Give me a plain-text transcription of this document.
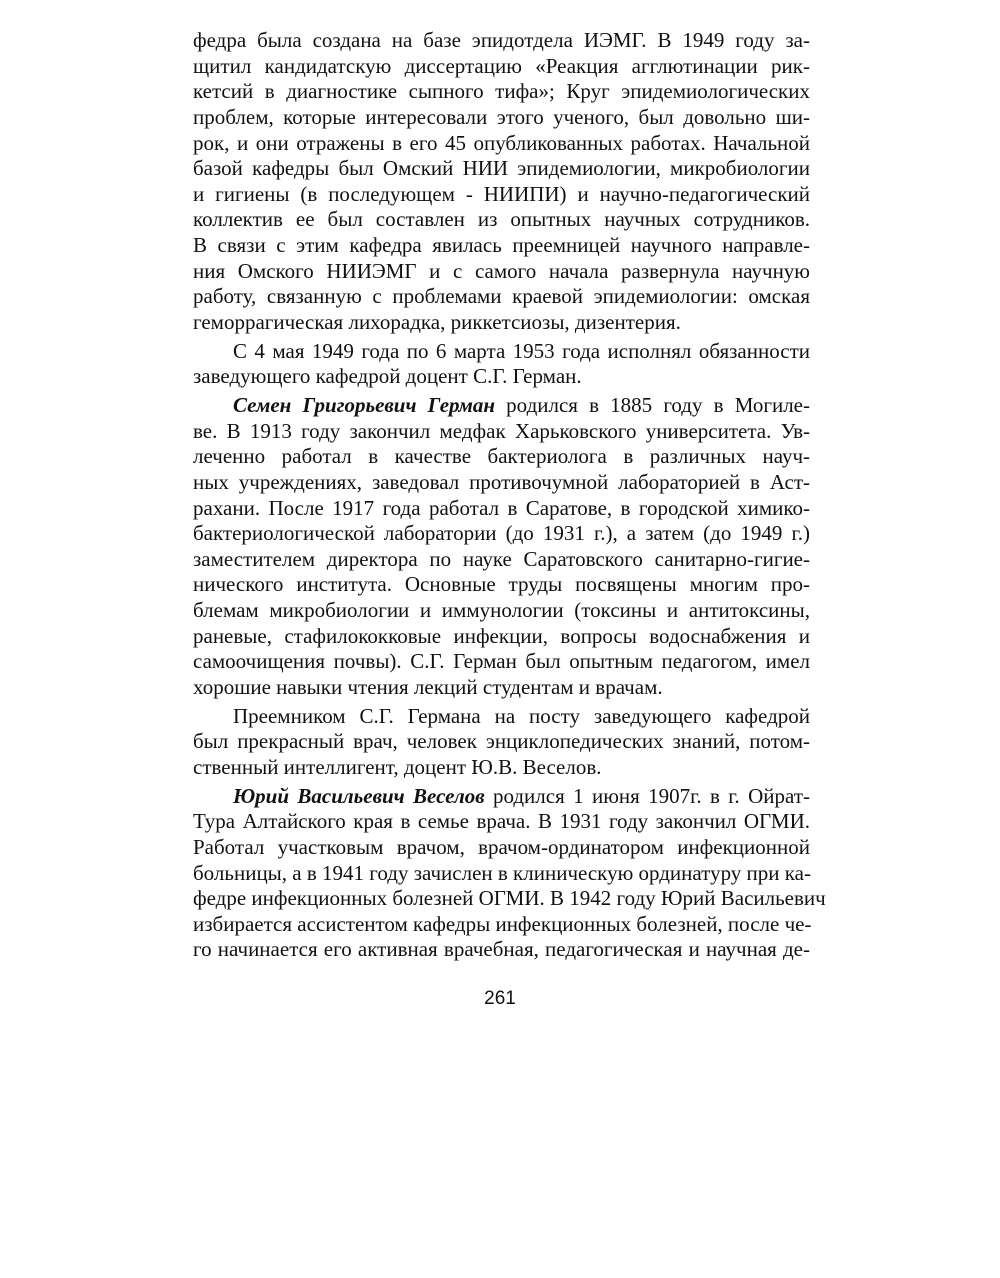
федра была создана на базе эпидотдела ИЭМГ. В 1949 году за-
щитил кандидатскую диссертацию «Реакция агглютинации рик-
кетсий в диагностике сыпного тифа»; Круг эпидемиологических
проблем, которые интересовали этого ученого, был довольно ши-
рок, и они отражены в его 45 опубликованных работах. Начальной
базой кафедры был Омский НИИ эпидемиологии, микробиологии
и гигиены (в последующем - НИИПИ) и научно-педагогический
коллектив ее был составлен из опытных научных сотрудников.
В связи с этим кафедра явилась преемницей научного направле-
ния Омского НИИЭМГ и с самого начала развернула научную
работу, связанную с проблемами краевой эпидемиологии: омская
геморрагическая лихорадка, риккетсиозы, дизентерия.
С 4 мая 1949 года по 6 марта 1953 года исполнял обязанности
заведующего кафедрой доцент С.Г. Герман.
Семен Григорьевич Герман родился в 1885 году в Могиле-
ве. В 1913 году закончил медфак Харьковского университета. Ув-
леченно работал в качестве бактериолога в различных науч-
ных учреждениях, заведовал противочумной лабораторией в Аст-
рахани. После 1917 года работал в Саратове, в городской химико-
бактериологической лаборатории (до 1931 г.), а затем (до 1949 г.)
заместителем директора по науке Саратовского санитарно-гигие-
нического института. Основные труды посвящены многим про-
блемам микробиологии и иммунологии (токсины и антитоксины,
раневые, стафилококковые инфекции, вопросы водоснабжения и
самоочищения почвы). С.Г. Герман был опытным педагогом, имел
хорошие навыки чтения лекций студентам и врачам.
Преемником С.Г. Германа на посту заведующего кафедрой
был прекрасный врач, человек энциклопедических знаний, потом-
ственный интеллигент, доцент Ю.В. Веселов.
Юрий Васильевич Веселов родился 1 июня 1907г. в г. Ойрат-
Тура Алтайского края в семье врача. В 1931 году закончил ОГМИ.
Работал участковым врачом, врачом-ординатором инфекционной
больницы, а в 1941 году зачислен в клиническую ординатуру при ка-
федре инфекционных болезней ОГМИ. В 1942 году Юрий Васильевич
избирается ассистентом кафедры инфекционных болезней, после че-
го начинается его активная врачебная, педагогическая и научная де-
261
